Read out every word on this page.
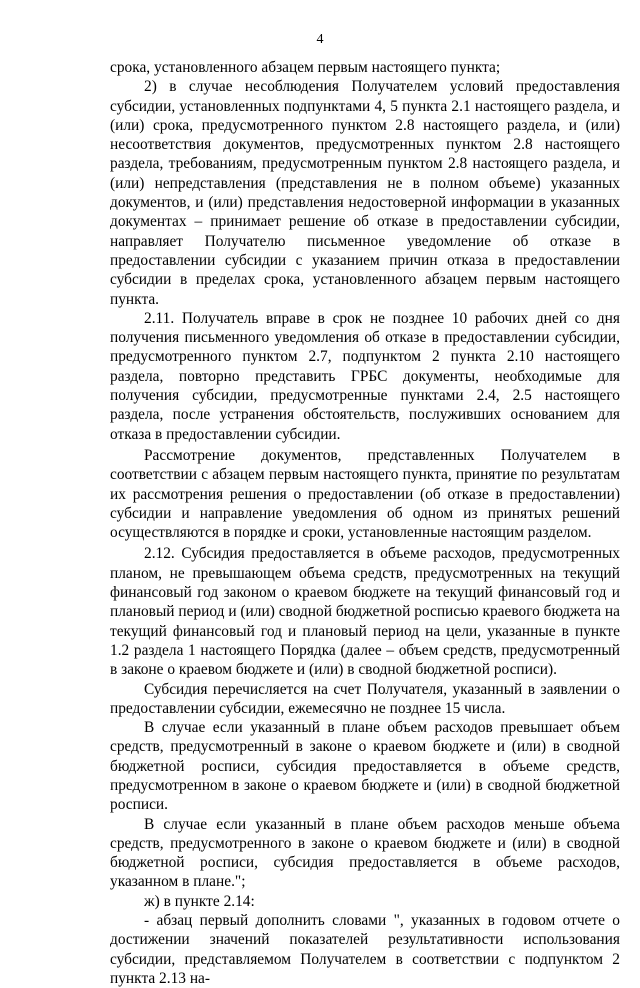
4

срока, установленного абзацем первым настоящего пункта;

2) в случае несоблюдения Получателем условий предоставления субсидии, установленных подпунктами 4, 5 пункта 2.1 настоящего раздела, и (или) срока, предусмотренного пунктом 2.8 настоящего раздела, и (или) несоответствия документов, предусмотренных пунктом 2.8 настоящего раздела, требованиям, предусмотренным пунктом 2.8 настоящего раздела, и (или) непредставления (представления не в полном объеме) указанных документов, и (или) представления недостоверной информации в указанных документах – принимает решение об отказе в предоставлении субсидии, направляет Получателю письменное уведомление об отказе в предоставлении субсидии с указанием причин отказа в предоставлении субсидии в пределах срока, установленного абзацем первым настоящего пункта.

2.11. Получатель вправе в срок не позднее 10 рабочих дней со дня получения письменного уведомления об отказе в предоставлении субсидии, предусмотренного пунктом 2.7, подпунктом 2 пункта 2.10 настоящего раздела, повторно представить ГРБС документы, необходимые для получения субсидии, предусмотренные пунктами 2.4, 2.5 настоящего раздела, после устранения обстоятельств, послуживших основанием для отказа в предоставлении субсидии.

Рассмотрение документов, представленных Получателем в соответствии с абзацем первым настоящего пункта, принятие по результатам их рассмотрения решения о предоставлении (об отказе в предоставлении) субсидии и направление уведомления об одном из принятых решений осуществляются в порядке и сроки, установленные настоящим разделом.

2.12. Субсидия предоставляется в объеме расходов, предусмотренных планом, не превышающем объема средств, предусмотренных на текущий финансовый год законом о краевом бюджете на текущий финансовый год и плановый период и (или) сводной бюджетной росписью краевого бюджета на текущий финансовый год и плановый период на цели, указанные в пункте 1.2 раздела 1 настоящего Порядка (далее – объем средств, предусмотренный в законе о краевом бюджете и (или) в сводной бюджетной росписи).

Субсидия перечисляется на счет Получателя, указанный в заявлении о предоставлении субсидии, ежемесячно не позднее 15 числа.

В случае если указанный в плане объем расходов превышает объем средств, предусмотренный в законе о краевом бюджете и (или) в сводной бюджетной росписи, субсидия предоставляется в объеме средств, предусмотренном в законе о краевом бюджете и (или) в сводной бюджетной росписи.

В случае если указанный в плане объем расходов меньше объема средств, предусмотренного в законе о краевом бюджете и (или) в сводной бюджетной росписи, субсидия предоставляется в объеме расходов, указанном в плане.";

ж) в пункте 2.14:

- абзац первый дополнить словами ", указанных в годовом отчете о достижении значений показателей результативности использования субсидии, представляемом Получателем в соответствии с подпунктом 2 пункта 2.13 на-
